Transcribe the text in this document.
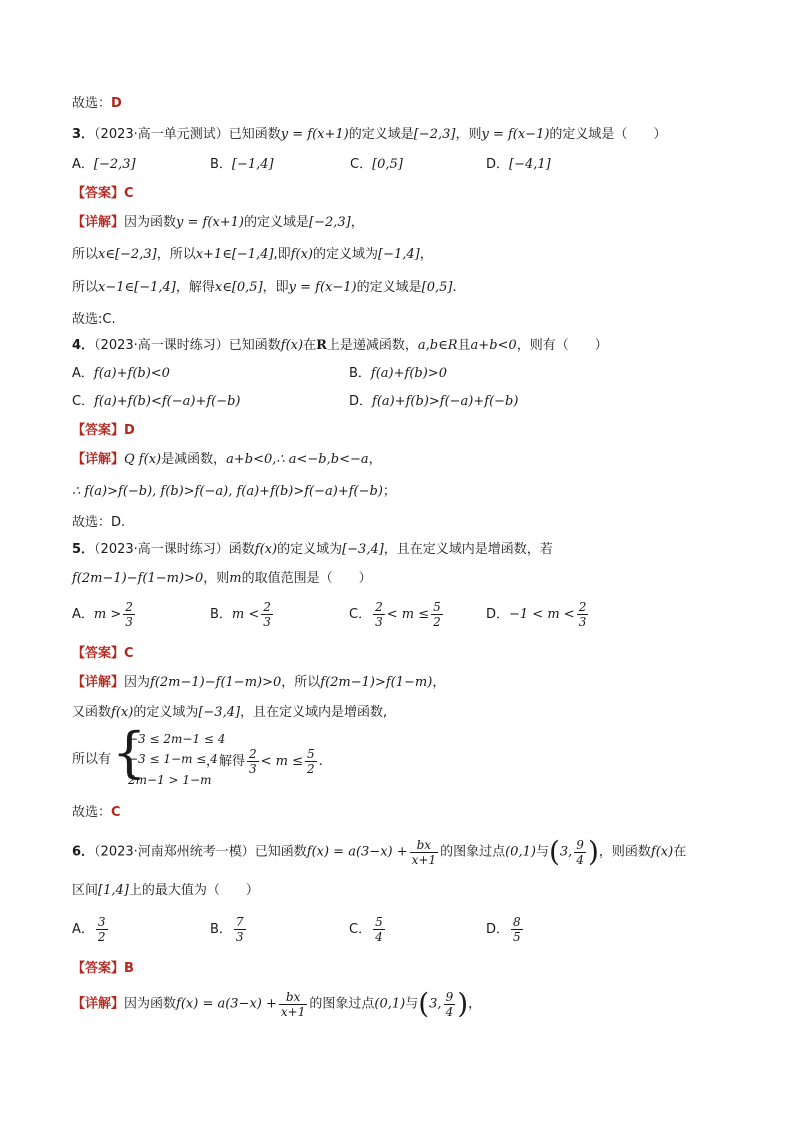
故选：D
3．（2023·高一单元测试）已知函数y = f(x+1)的定义域是[−2,3]，则y = f(x−1)的定义域是（　　）
A．[−2,3]	B．[−1,4]	C．[0,5]	D．[−4,1]
【答案】C
【详解】因为函数y = f(x+1)的定义域是[−2,3]，
所以x∈[−2,3]，所以x+1∈[−1,4],即f(x)的定义域为[−1,4]，
所以x−1∈[−1,4]，解得x∈[0,5]，即y = f(x−1)的定义域是[0,5].
故选:C.
4．（2023·高一课时练习）已知函数f(x)在R上是递减函数，a,b∈R且a+b<0，则有（　　）
A．f(a)+f(b)<0	B．f(a)+f(b)>0
C．f(a)+f(b)<f(−a)+f(−b)	D．f(a)+f(b)>f(−a)+f(−b)
【答案】D
【详解】Q f(x)是减函数，a+b<0,∴ a<−b,b<−a，
∴ f(a)>f(−b), f(b)>f(−a), f(a)+f(b)>f(−a)+f(−b)；
故选：D.
5．（2023·高一课时练习）函数f(x)的定义域为[−3,4]，且在定义域内是增函数，若
f(2m−1)−f(1−m)>0，则m的取值范围是（　　）
A．$m > \frac{2}{3}$	B．$m < \frac{2}{3}$	C． $\frac{2}{3} < m \le \frac{5}{2}$	D．$-1 < m < \frac{2}{3}$
【答案】C
【详解】因为f(2m−1)−f(1−m)>0，所以f(2m−1)>f(1−m)，
又函数f(x)的定义域为[−3,4]，且在定义域内是增函数,
所以有 {
−3 ≤ 2m−1 ≤ 4
−3 ≤ 1−m ≤ 4
2m−1 > 1−m
，解得 $\frac{2}{3} < m \le \frac{5}{2}$ .
故选：C
6．（2023·河南郑州统考一模）已知函数$f(x) = a(3-x) + \frac{bx}{x+1}$ 的图象过点(0,1)与(3, $\frac{9}{4}$ )，则函数f(x)在
区间[1,4]上的最大值为（　　）
A． $\frac{3}{2}$	B． $\frac{7}{3}$	C． $\frac{5}{4}$	D． $\frac{8}{5}$
【答案】B
【详解】因为函数$f(x) = a(3-x) + \frac{bx}{x+1}$ 的图象过点(0,1)与(3, $\frac{9}{4}$ )，
